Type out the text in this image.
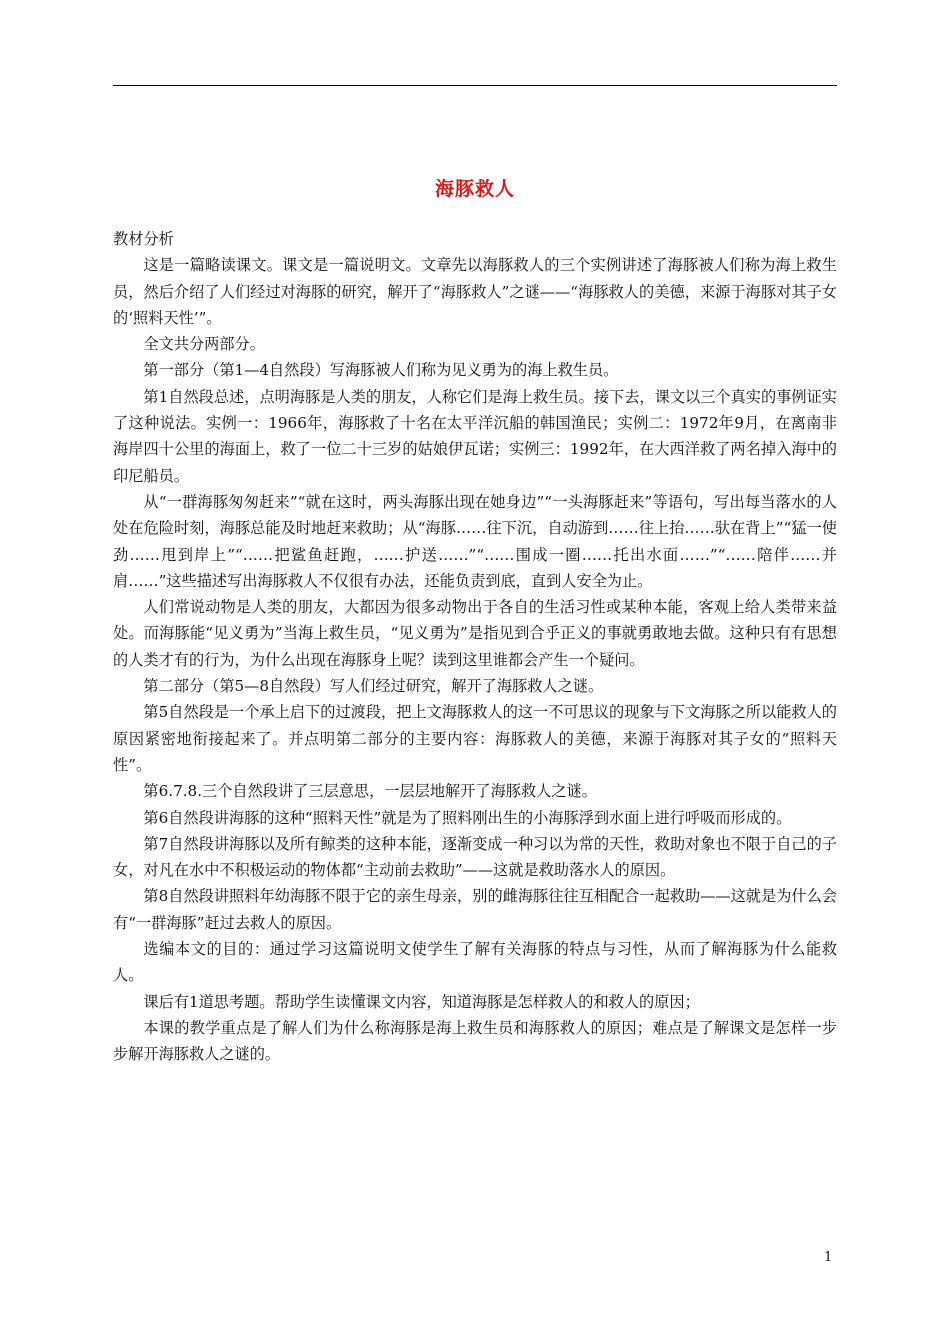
海豚救人

教材分析

这是一篇略读课文。课文是一篇说明文。文章先以海豚救人的三个实例讲述了海豚被人们称为海上救生员，然后介绍了人们经过对海豚的研究，解开了“海豚救人”之谜——“海豚救人的美德，来源于海豚对其子女的‘照料天性’”。

全文共分两部分。

第一部分（第1—4自然段）写海豚被人们称为见义勇为的海上救生员。

第1自然段总述，点明海豚是人类的朋友，人称它们是海上救生员。接下去，课文以三个真实的事例证实了这种说法。实例一：1966年，海豚救了十名在太平洋沉船的韩国渔民；实例二：1972年9月，在离南非海岸四十公里的海面上，救了一位二十三岁的姑娘伊瓦诺；实例三：1992年，在大西洋救了两名掉入海中的印尼船员。

从“一群海豚匆匆赶来”“就在这时，两头海豚出现在她身边”“一头海豚赶来”等语句，写出每当落水的人处在危险时刻，海豚总能及时地赶来救助；从“海豚……往下沉，自动游到……往上抬……驮在背上”“猛一使劲……甩到岸上”“……把鲨鱼赶跑，……护送……”“……围成一圈……托出水面……”“……陪伴……并肩……”这些描述写出海豚救人不仅很有办法，还能负责到底，直到人安全为止。

人们常说动物是人类的朋友，大都因为很多动物出于各自的生活习性或某种本能，客观上给人类带来益处。而海豚能“见义勇为”当海上救生员，“见义勇为”是指见到合乎正义的事就勇敢地去做。这种只有有思想的人类才有的行为，为什么出现在海豚身上呢？读到这里谁都会产生一个疑问。

第二部分（第5—8自然段）写人们经过研究，解开了海豚救人之谜。

第5自然段是一个承上启下的过渡段，把上文海豚救人的这一不可思议的现象与下文海豚之所以能救人的原因紧密地衔接起来了。并点明第二部分的主要内容：海豚救人的美德，来源于海豚对其子女的“照料天性”。

第6.7.8.三个自然段讲了三层意思，一层层地解开了海豚救人之谜。

第6自然段讲海豚的这种“照料天性”就是为了照料刚出生的小海豚浮到水面上进行呼吸而形成的。

第7自然段讲海豚以及所有鲸类的这种本能，逐渐变成一种习以为常的天性，救助对象也不限于自己的子女，对凡在水中不积极运动的物体都“主动前去救助”——这就是救助落水人的原因。

第8自然段讲照料年幼海豚不限于它的亲生母亲，别的雌海豚往往互相配合一起救助——这就是为什么会有“一群海豚”赶过去救人的原因。

选编本文的目的：通过学习这篇说明文使学生了解有关海豚的特点与习性，从而了解海豚为什么能救人。

课后有1道思考题。帮助学生读懂课文内容，知道海豚是怎样救人的和救人的原因；

本课的教学重点是了解人们为什么称海豚是海上救生员和海豚救人的原因；难点是了解课文是怎样一步步解开海豚救人之谜的。

1
